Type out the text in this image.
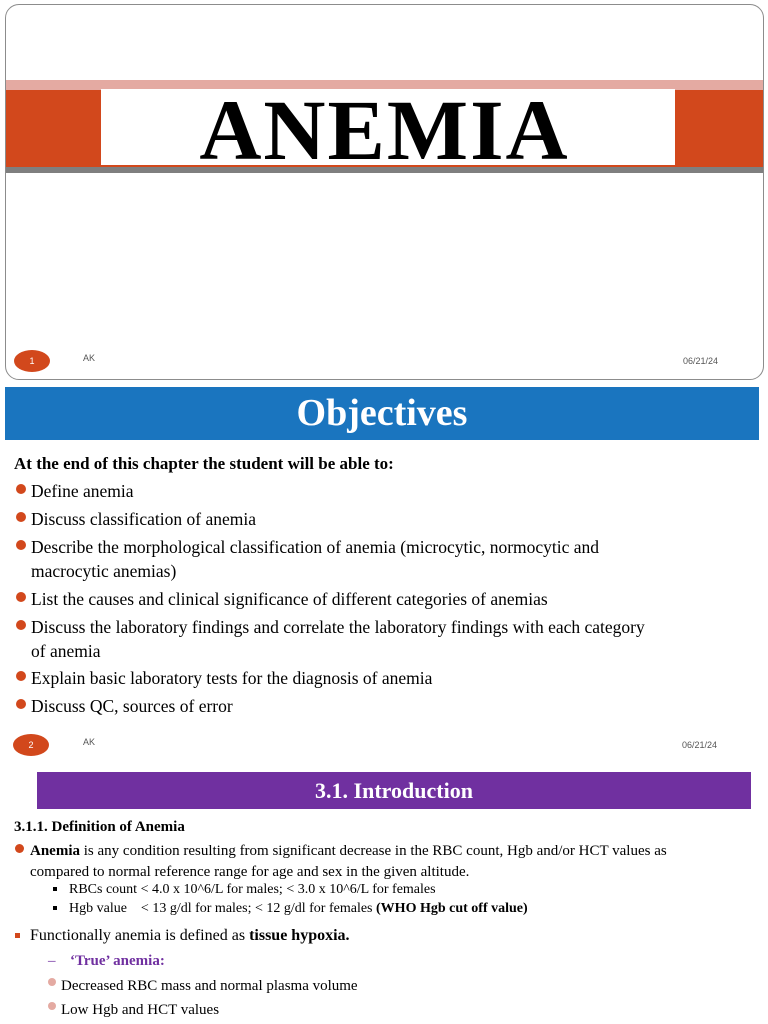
ANEMIA
1	AK	06/21/24
Objectives
At the end of this chapter the student will be able to:
Define anemia
Discuss classification of anemia
Describe the morphological classification of anemia (microcytic, normocytic and
macrocytic anemias)
List the causes and clinical significance of different categories of anemias
Discuss the laboratory findings and correlate the laboratory findings with each category
of anemia
Explain basic laboratory tests for the diagnosis of anemia
Discuss QC, sources of error
2	AK	06/21/24
3.1. Introduction
3.1.1. Definition of Anemia
Anemia is any condition resulting from significant decrease in the RBC count, Hgb and/or HCT values as
compared to normal reference range for age and sex in the given altitude.
RBCs count < 4.0 x 10^6/L for males; < 3.0 x 10^6/L for females
Hgb value    < 13 g/dl for males; < 12 g/dl for females (WHO Hgb cut off value)
Functionally anemia is defined as tissue hypoxia.
– ‘True’ anemia:
Decreased RBC mass and normal plasma volume
Low Hgb and HCT values
